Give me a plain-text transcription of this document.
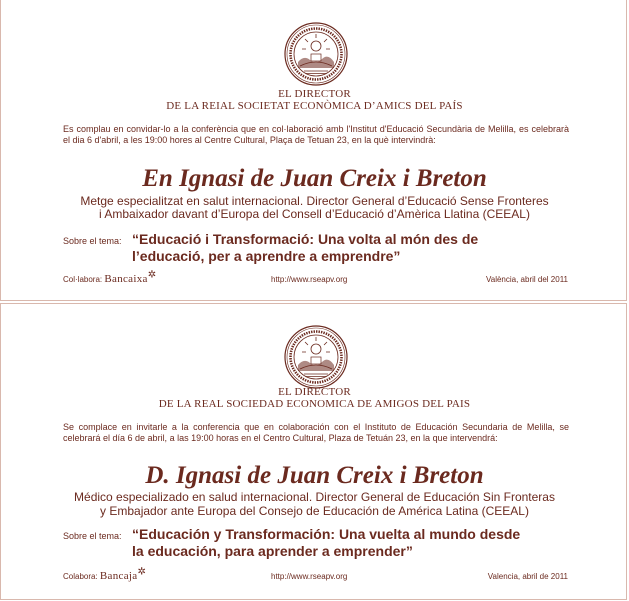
EL DIRECTOR
DE LA REIAL SOCIETAT ECONÒMICA D’AMICS DEL PAÍS
Es complau en convidar-lo a la conferència que en col·laboració amb l'Institut d'Educació Secundària de Melilla, es celebrarà el dia 6 d'abril, a les 19:00 hores al Centre Cultural, Plaça de Tetuan 23, en la què intervindrà:
En Ignasi de Juan Creix i Breton
Metge especialitzat en salut internacional. Director General d’Educació Sense Fronteres
i Ambaixador davant d’Europa del Consell d’Educació d’Amèrica Llatina (CEEAL)
Sobre el tema: “Educació i Transformació: Una volta al món des de
l’educació, per a aprendre a emprendre”
Col·labora: Bancaixa✲	http://www.rseapv.org	València, abril del 2011
EL DIRECTOR
DE LA REAL SOCIEDAD ECONOMICA DE AMIGOS DEL PAIS
Se complace en invitarle a la conferencia que en colaboración con el Instituto de Educación Secundaria de Melilla, se celebrará el día 6 de abril, a las 19:00 horas en el Centro Cultural, Plaza de Tetuán 23, en la que intervendrá:
D. Ignasi de Juan Creix i Breton
Médico especializado en salud internacional. Director General de Educación Sin Fronteras
y Embajador ante Europa del Consejo de Educación de América Latina (CEEAL)
Sobre el tema: “Educación y Transformación: Una vuelta al mundo desde
la educación, para aprender a emprender”
Colabora: Bancaja✲	http://www.rseapv.org	Valencia, abril de 2011
